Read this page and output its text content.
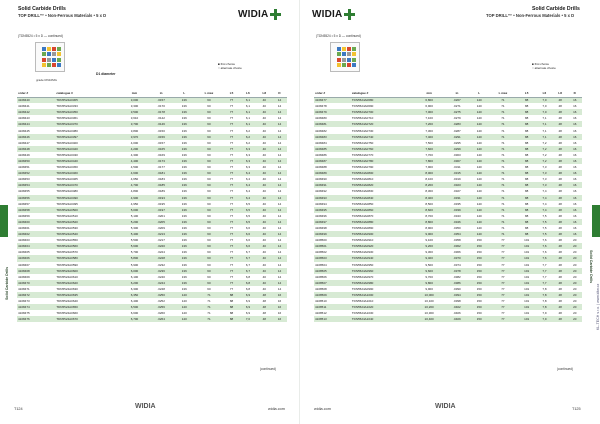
Solid Carbide Drills
TOP DRILL™ • Non-Ferrous Materials • 5 x D	WIDIA
(TDN5524 • 5 x D — continued)
grade RN10MG
D1 diameter
■ first choice
○ alternate choice
order #	catalogue #	mm	in	L	L max	L5	L6	L8	D
4108440	TDN5524A0305	3,000	.0157	136	60	77	6,1	40	14
4108441	TDN5524A0333	3,300	.0170	136	60	77	6,1	40	14
4108442	TDN5524A0350	3,500	.0178	136	60	77	6,1	40	14
4108443	TDN5524A0361	3,610	.0142	136	60	77	6,1	40	14
4108444	TDN5524A0370	3,700	.0146	136	60	77	6,1	40	14
4108445	TDN5524A0380	3,800	.0150	136	60	77	6,2	40	14
4108446	TDN5524A0397	3,970	.0156	136	60	77	6,2	40	14
4108447	TDN5524A0400	4,000	.0157	136	60	77	6,2	40	14
4108448	TDN5524A0420	4,200	.0165	136	60	77	6,3	40	14
4108449	TDN5524A0430	4,300	.0169	136	60	77	6,3	40	14
4108450	TDN5524A0440	4,400	.0173	136	60	77	6,3	40	14
4108451	TDN5524A0450	4,500	.0177	136	60	77	6,3	40	14
4108452	TDN5524A0460	4,600	.0181	136	60	77	6,4	40	14
4108453	TDN5524A0465	4,650	.0183	136	60	77	6,4	40	14
4108454	TDN5524A0470	4,700	.0185	136	60	77	6,4	40	14
4108455	TDN5524A0480	4,800	.0189	136	60	77	6,4	40	14
4108456	TDN5524A0490	4,900	.0193	136	60	77	6,4	40	14
4108457	TDN5524A0495	4,950	.0195	136	60	77	6,5	40	14
4108458	TDN5524A0500	5,000	.0197	136	60	77	6,5	40	14
4108459	TDN5524A0510	5,100	.0201	136	60	77	6,5	40	14
4108460	TDN5524A0520	5,200	.0205	136	60	77	6,5	40	14
4108461	TDN5524A0530	5,300	.0209	136	60	77	6,6	40	14
4108462	TDN5524A0540	5,400	.0213	136	60	77	6,6	40	14
4108463	TDN5524A0550	5,500	.0217	136	60	77	6,6	40	14
4108464	TDN5524A0560	5,600	.0220	136	60	77	6,6	40	14
4108465	TDN5524A0570	5,700	.0224	136	60	77	6,7	40	14
4108466	TDN5524A0580	5,800	.0228	136	60	77	6,7	40	14
4108467	TDN5524A0590	5,900	.0232	136	60	77	6,7	40	14
4108468	TDN5524A0600	6,000	.0236	136	60	77	6,7	40	14
4108469	TDN5524A0610	6,100	.0240	136	60	77	6,8	40	14
4108470	TDN5524A0620	6,200	.0244	136	60	77	6,8	40	14
4108471	TDN5524A0630	6,300	.0248	136	60	77	6,8	40	14
4108472	TDN5524A0635	6,350	.0250	140	71	88	6,9	48	16
4108473	TDN5524A0640	6,400	.0252	140	71	88	6,9	48	16
4108474	TDN5524A0650	6,500	.0256	140	71	88	6,9	48	16
4108475	TDN5524A0660	6,600	.0260	140	71	88	6,9	48	16
4108476	TDN5524A0670	6,700	.0264	140	71	88	7,0	48	16
(continued)
Solid Carbide Drills
T124	WIDIA	widia.com
WIDIA	Solid Carbide Drills
TOP DRILL™ • Non-Ferrous Materials • 5 x D
(TDN5524 • 5 x D — continued)
■ first choice
○ alternate choice
order #	catalogue #	mm	in	L	L max	L5	L6	L8	D
4108477	TDN5524A0680	6,800	.0267	140	71	88	7,0	48	16
4108478	TDN5524A0690	6,900	.0271	140	71	88	7,0	48	16
4108479	TDN5524A0700	7,000	.0275	140	71	88	7,0	48	16
4108480	TDN5524A0710	7,100	.0279	140	71	88	7,1	48	16
4108481	TDN5524A0720	7,200	.0283	140	71	88	7,1	48	16
4108482	TDN5524A0730	7,300	.0287	140	71	88	7,1	48	16
4108483	TDN5524A0740	7,400	.0291	140	71	88	7,1	48	16
4108484	TDN5524A0750	7,500	.0295	140	71	88	7,2	48	16
4108485	TDN5524A0760	7,600	.0299	140	71	88	7,2	48	16
4108486	TDN5524A0770	7,700	.0303	140	71	88	7,2	48	16
4108487	TDN5524A0780	7,800	.0307	140	71	88	7,2	48	16
4108488	TDN5524A0790	7,900	.0311	140	71	88	7,3	48	16
4108489	TDN5524A0800	8,000	.0315	140	71	88	7,3	48	16
4108490	TDN5524A0810	8,100	.0319	140	71	88	7,3	48	16
4108491	TDN5524A0820	8,200	.0323	140	71	88	7,3	48	16
4108492	TDN5524A0830	8,300	.0327	140	71	88	7,4	48	16
4108493	TDN5524A0840	8,400	.0331	140	71	88	7,4	48	16
4108494	TDN5524A0850	8,500	.0335	140	71	88	7,4	48	16
4108495	TDN5524A0860	8,600	.0339	140	71	88	7,4	48	16
4108496	TDN5524A0870	8,700	.0343	140	71	88	7,5	48	16
4108497	TDN5524A0880	8,800	.0346	140	71	88	7,5	48	16
4108498	TDN5524A0890	8,900	.0350	140	71	88	7,5	48	16
4108499	TDN5524A0900	9,000	.0354	140	71	88	7,5	48	16
4108500	TDN5524A0910	9,100	.0358	150	77	101	7,6	48	20
4108501	TDN5524A0920	9,200	.0362	150	77	101	7,6	48	20
4108502	TDN5524A0930	9,300	.0366	150	77	101	7,6	48	20
4108503	TDN5524A0940	9,400	.0370	150	77	101	7,6	48	20
4108504	TDN5524A0950	9,500	.0374	150	77	101	7,7	48	20
4108505	TDN5524A0960	9,600	.0378	150	77	101	7,7	48	20
4108506	TDN5524A0970	9,700	.0382	150	77	101	7,7	48	20
4108507	TDN5524A0980	9,800	.0386	150	77	101	7,7	48	20
4108508	TDN5524A0990	9,900	.0390	150	77	101	7,8	48	20
4108509	TDN5524A1000	10,000	.0394	150	77	101	7,8	48	20
4108510	TDN5524A1010	10,100	.0398	150	77	101	7,8	48	20
4108511	TDN5524A1020	10,200	.0402	150	77	101	7,8	48	20
4108512	TDN5524A1030	10,300	.0406	150	77	101	7,9	48	20
4108513	TDN5524A1040	10,400	.0409	150	77	101	7,9	48	20
(continued)
Solid Carbide Drills
KL-TECH s.r.o. | www.kltw.cz
widia.com	WIDIA	T125
